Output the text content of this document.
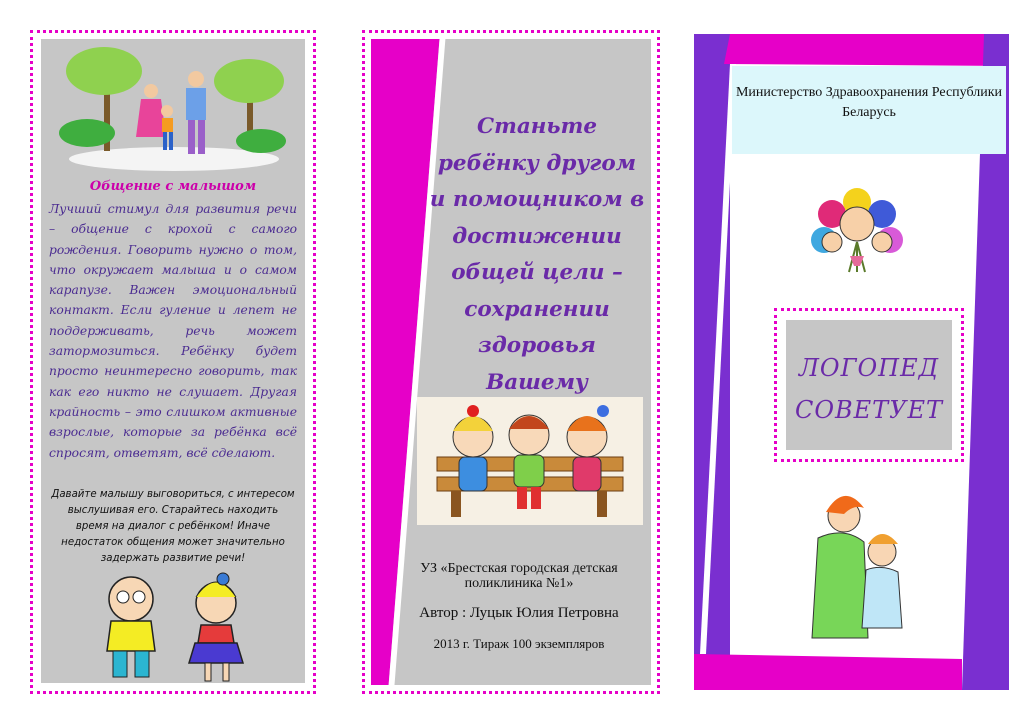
Общение с малышом
Лучший стимул для развития речи – общение с крохой с самого рождения. Говорить нужно о том, что окружает малыша и о самом карапузе. Важен эмоциональный контакт. Если гуление и лепет не поддерживать, речь может затормозиться. Ребёнку будет просто неинтересно говорить, так как его никто не слушает. Другая крайность – это слишком активные взрослые, которые за ребёнка всё спросят, ответят, всё сделают.
Давайте малышу выговориться, с интересом выслушивая его. Старайтесь находить время на диалог с ребёнком! Иначе недостаток общения может значительно задержать развитие речи!
Станьте ребёнку другом и помощником в достижении общей цели – сохранении здоровья Вашему
УЗ «Брестская городская детская поликлиника №1»
Автор : Луцык Юлия Петровна
2013 г. Тираж 100 экземпляров
Министерство Здравоохранения Республики Беларусь
ЛОГОПЕД СОВЕТУЕТ
